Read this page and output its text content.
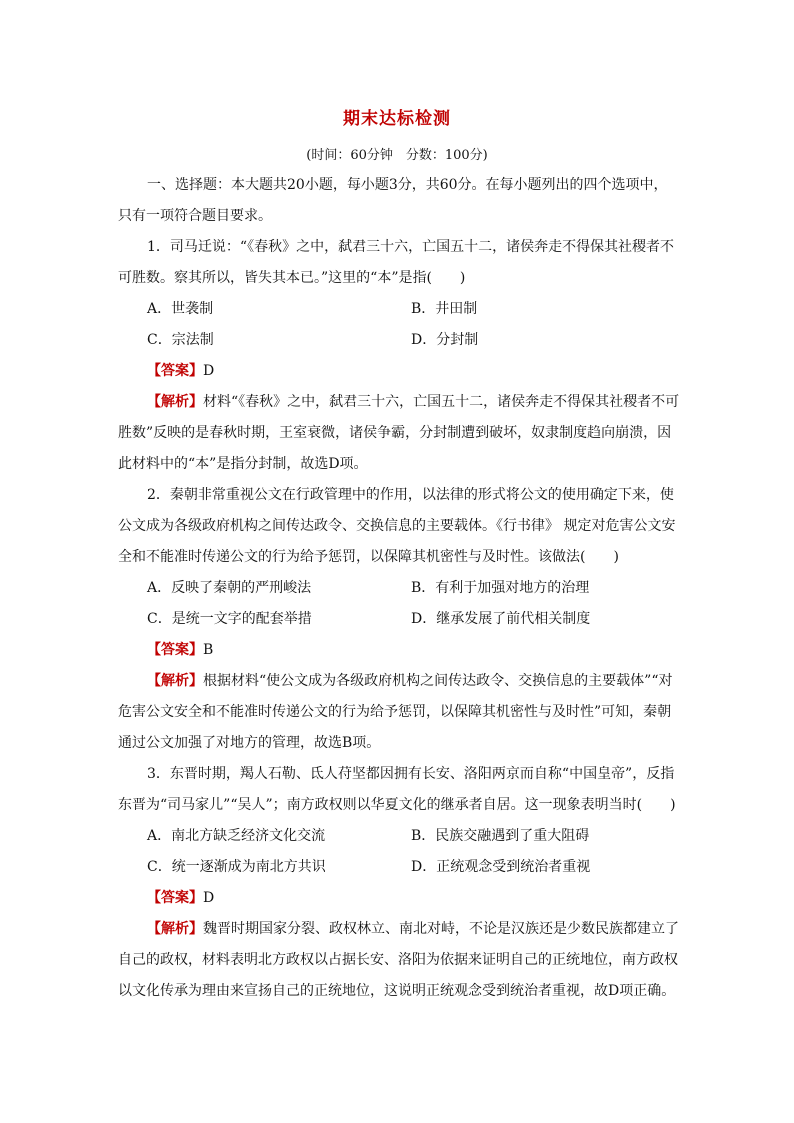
期末达标检测
(时间：60分钟　分数：100分)

一、选择题：本大题共20小题，每小题3分，共60分。在每小题列出的四个选项中，只有一项符合题目要求。

1．司马迁说：“《春秋》之中，弑君三十六，亡国五十二，诸侯奔走不得保其社稷者不可胜数。察其所以，皆失其本已。”这里的“本”是指(　　)

A．世袭制	B．井田制
C．宗法制	D．分封制

【答案】D

【解析】材料“《春秋》之中，弑君三十六，亡国五十二，诸侯奔走不得保其社稷者不可胜数”反映的是春秋时期，王室衰微，诸侯争霸，分封制遭到破坏，奴隶制度趋向崩溃，因此材料中的“本”是指分封制，故选D项。

2．秦朝非常重视公文在行政管理中的作用，以法律的形式将公文的使用确定下来，使公文成为各级政府机构之间传达政令、交换信息的主要载体。《行书律》 规定对危害公文安全和不能准时传递公文的行为给予惩罚，以保障其机密性与及时性。该做法(　　)

A．反映了秦朝的严刑峻法	B．有利于加强对地方的治理
C．是统一文字的配套举措	D．继承发展了前代相关制度

【答案】B

【解析】根据材料“使公文成为各级政府机构之间传达政令、交换信息的主要载体”“对危害公文安全和不能准时传递公文的行为给予惩罚，以保障其机密性与及时性”可知，秦朝通过公文加强了对地方的管理，故选B项。

3．东晋时期，羯人石勒、氐人苻坚都因拥有长安、洛阳两京而自称“中国皇帝”，反指东晋为“司马家儿”“吴人”；南方政权则以华夏文化的继承者自居。这一现象表明当时(　　)

A．南北方缺乏经济文化交流	B．民族交融遇到了重大阻碍
C．统一逐渐成为南北方共识	D．正统观念受到统治者重视

【答案】D

【解析】魏晋时期国家分裂、政权林立、南北对峙，不论是汉族还是少数民族都建立了自己的政权，材料表明北方政权以占据长安、洛阳为依据来证明自己的正统地位，南方政权以文化传承为理由来宣扬自己的正统地位，这说明正统观念受到统治者重视，故D项正确。
